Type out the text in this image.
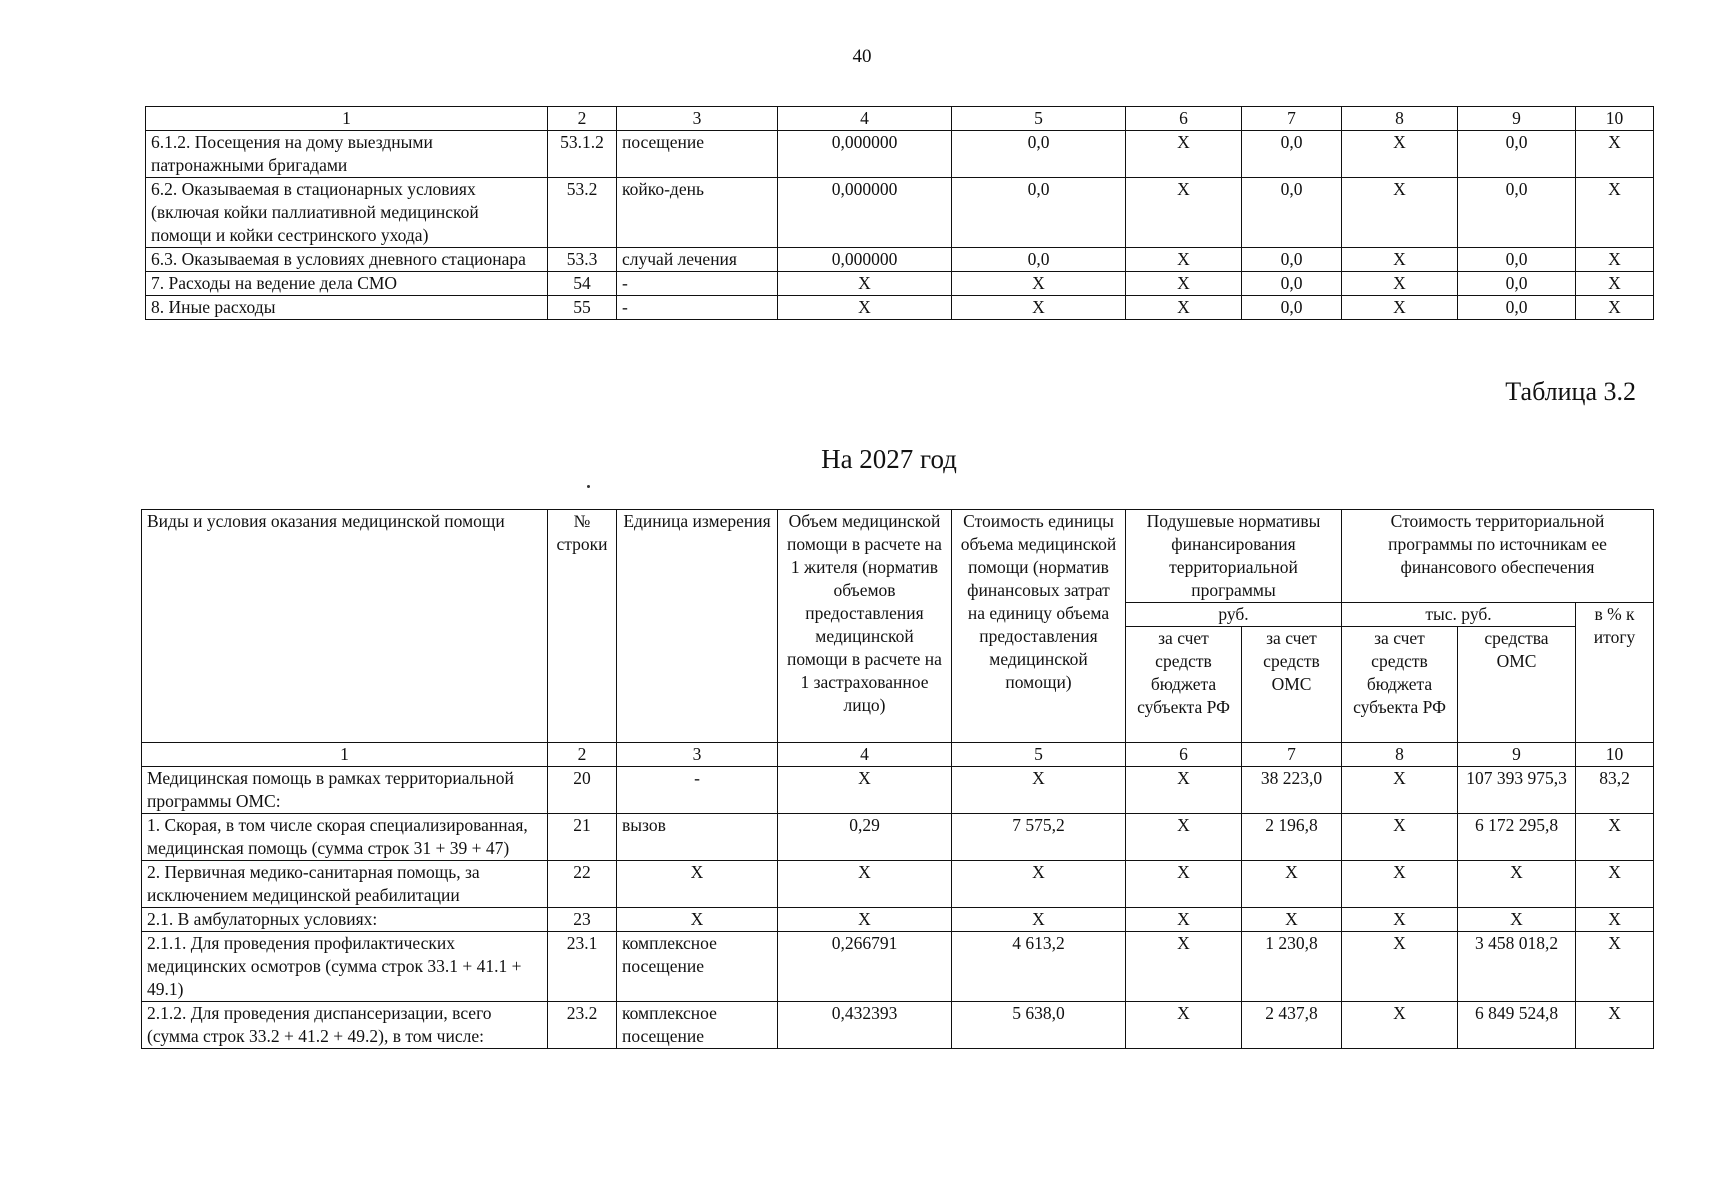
40
1	2	3	4	5	6	7	8	9	10
6.1.2. Посещения на дому выездными патронажными бригадами	53.1.2	посещение	0,000000	0,0	Х	0,0	Х	0,0	Х
6.2. Оказываемая в стационарных условиях (включая койки паллиативной медицинской помощи и койки сестринского ухода)	53.2	койко-день	0,000000	0,0	Х	0,0	Х	0,0	Х
6.3. Оказываемая в условиях дневного стационара	53.3	случай лечения	0,000000	0,0	Х	0,0	Х	0,0	Х
7. Расходы на ведение дела СМО	54	-	Х	Х	Х	0,0	Х	0,0	Х
8. Иные расходы	55	-	Х	Х	Х	0,0	Х	0,0	Х
Таблица 3.2
На 2027 год
Виды и условия оказания медицинской помощи	№ строки	Единица измерения	Объем медицинской помощи в расчете на 1 жителя (норматив объемов предоставления медицинской помощи в расчете на 1 застрахованное лицо)	Стоимость единицы объема медицинской помощи (норматив финансовых затрат на единицу объема предоставления медицинской помощи)	Подушевые нормативы финансирования территориальной программы		Стоимость территориальной программы по источникам ее финансового обеспечения		
					руб.		тыс. руб.		в % к итогу
					за счет средств бюджета субъекта РФ	за счет средств ОМС	за счет средств бюджета субъекта РФ	средства ОМС	
1	2	3	4	5	6	7	8	9	10
Медицинская помощь в рамках территориальной программы ОМС:	20	-	Х	Х	Х	38 223,0	Х	107 393 975,3	83,2
1. Скорая, в том числе скорая специализированная, медицинская помощь (сумма строк 31 + 39 + 47)	21	вызов	0,29	7 575,2	Х	2 196,8	Х	6 172 295,8	Х
2. Первичная медико-санитарная помощь, за исключением медицинской реабилитации	22	Х	Х	Х	Х	Х	Х	Х	Х
2.1. В амбулаторных условиях:	23	Х	Х	Х	Х	Х	Х	Х	Х
2.1.1. Для проведения профилактических медицинских осмотров (сумма строк 33.1 + 41.1 + 49.1)	23.1	комплексное посещение	0,266791	4 613,2	Х	1 230,8	Х	3 458 018,2	Х
2.1.2. Для проведения диспансеризации, всего (сумма строк 33.2 + 41.2 + 49.2), в том числе:	23.2	комплексное посещение	0,432393	5 638,0	Х	2 437,8	Х	6 849 524,8	Х
